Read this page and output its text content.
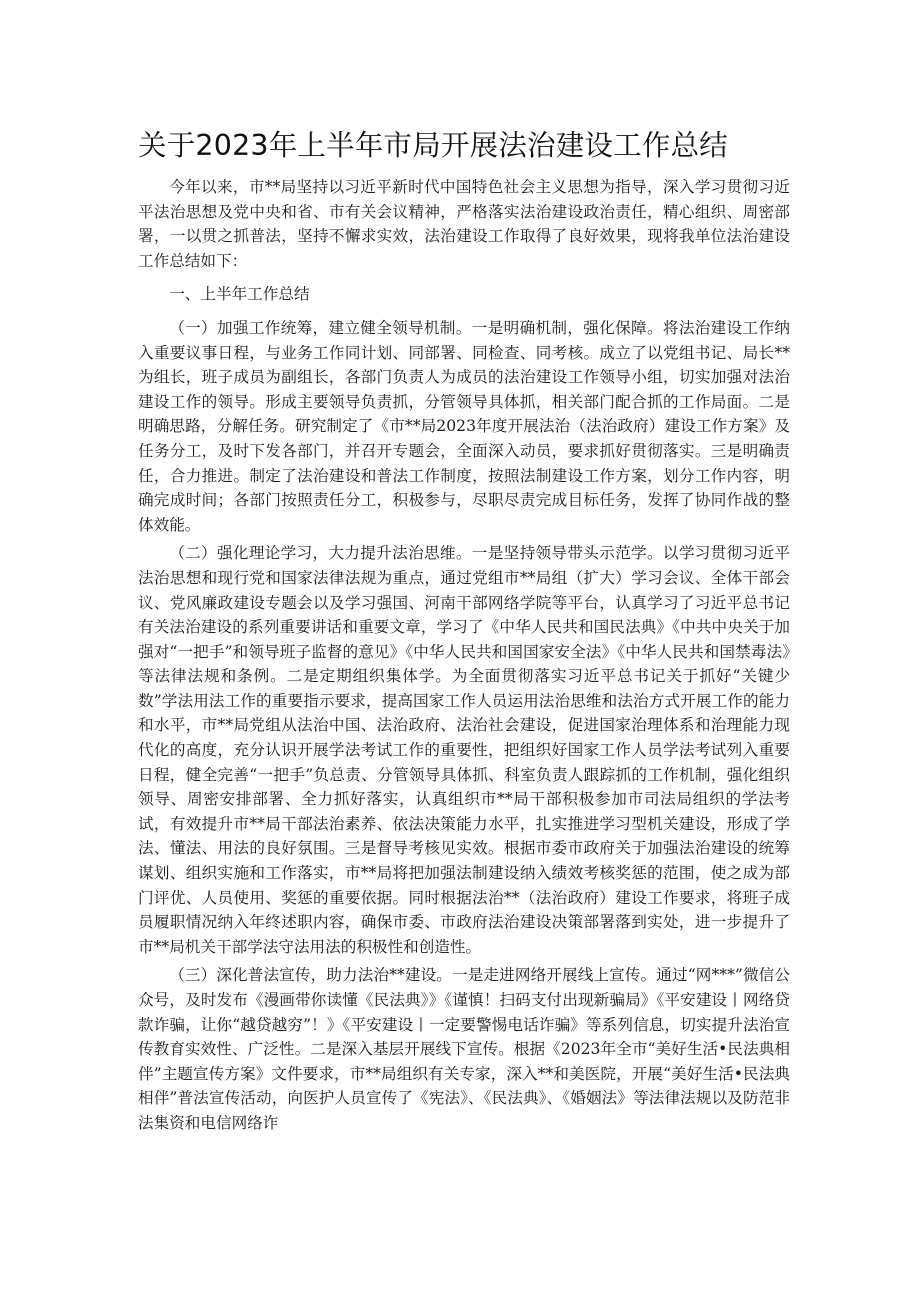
关于2023年上半年市局开展法治建设工作总结

今年以来，市**局坚持以习近平新时代中国特色社会主义思想为指导，深入学习贯彻习近平法治思想及党中央和省、市有关会议精神，严格落实法治建设政治责任，精心组织、周密部署，一以贯之抓普法，坚持不懈求实效，法治建设工作取得了良好效果，现将我单位法治建设工作总结如下：

一、上半年工作总结

（一）加强工作统筹，建立健全领导机制。一是明确机制，强化保障。将法治建设工作纳入重要议事日程，与业务工作同计划、同部署、同检查、同考核。成立了以党组书记、局长**为组长，班子成员为副组长，各部门负责人为成员的法治建设工作领导小组，切实加强对法治建设工作的领导。形成主要领导负责抓，分管领导具体抓，相关部门配合抓的工作局面。二是明确思路，分解任务。研究制定了《市**局2023年度开展法治（法治政府）建设工作方案》及任务分工，及时下发各部门，并召开专题会，全面深入动员，要求抓好贯彻落实。三是明确责任，合力推进。制定了法治建设和普法工作制度，按照法制建设工作方案，划分工作内容，明确完成时间；各部门按照责任分工，积极参与，尽职尽责完成目标任务，发挥了协同作战的整体效能。

（二）强化理论学习，大力提升法治思维。一是坚持领导带头示范学。以学习贯彻习近平法治思想和现行党和国家法律法规为重点，通过党组市**局组（扩大）学习会议、全体干部会议、党风廉政建设专题会以及学习强国、河南干部网络学院等平台，认真学习了习近平总书记有关法治建设的系列重要讲话和重要文章，学习了《中华人民共和国民法典》《中共中央关于加强对“一把手”和领导班子监督的意见》《中华人民共和国国家安全法》《中华人民共和国禁毒法》等法律法规和条例。二是定期组织集体学。为全面贯彻落实习近平总书记关于抓好“关键少数”学法用法工作的重要指示要求，提高国家工作人员运用法治思维和法治方式开展工作的能力和水平，市**局党组从法治中国、法治政府、法治社会建设，促进国家治理体系和治理能力现代化的高度，充分认识开展学法考试工作的重要性，把组织好国家工作人员学法考试列入重要日程，健全完善“一把手”负总责、分管领导具体抓、科室负责人跟踪抓的工作机制，强化组织领导、周密安排部署、全力抓好落实，认真组织市**局干部积极参加市司法局组织的学法考试，有效提升市**局干部法治素养、依法决策能力水平，扎实推进学习型机关建设，形成了学法、懂法、用法的良好氛围。三是督导考核见实效。根据市委市政府关于加强法治建设的统筹谋划、组织实施和工作落实，市**局将把加强法制建设纳入绩效考核奖惩的范围，使之成为部门评优、人员使用、奖惩的重要依据。同时根据法治**（法治政府）建设工作要求，将班子成员履职情况纳入年终述职内容，确保市委、市政府法治建设决策部署落到实处，进一步提升了市**局机关干部学法守法用法的积极性和创造性。

（三）深化普法宣传，助力法治**建设。一是走进网络开展线上宣传。通过“网***”微信公众号，及时发布《漫画带你读懂《民法典》》《谨慎！扫码支付出现新骗局》《平安建设丨网络贷款诈骗，让你“越贷越穷”！》《平安建设丨一定要警惕电话诈骗》等系列信息，切实提升法治宣传教育实效性、广泛性。二是深入基层开展线下宣传。根据《2023年全市“美好生活•民法典相伴”主题宣传方案》文件要求，市**局组织有关专家，深入**和美医院，开展“美好生活•民法典相伴”普法宣传活动，向医护人员宣传了《宪法》、《民法典》、《婚姻法》等法律法规以及防范非法集资和电信网络诈
